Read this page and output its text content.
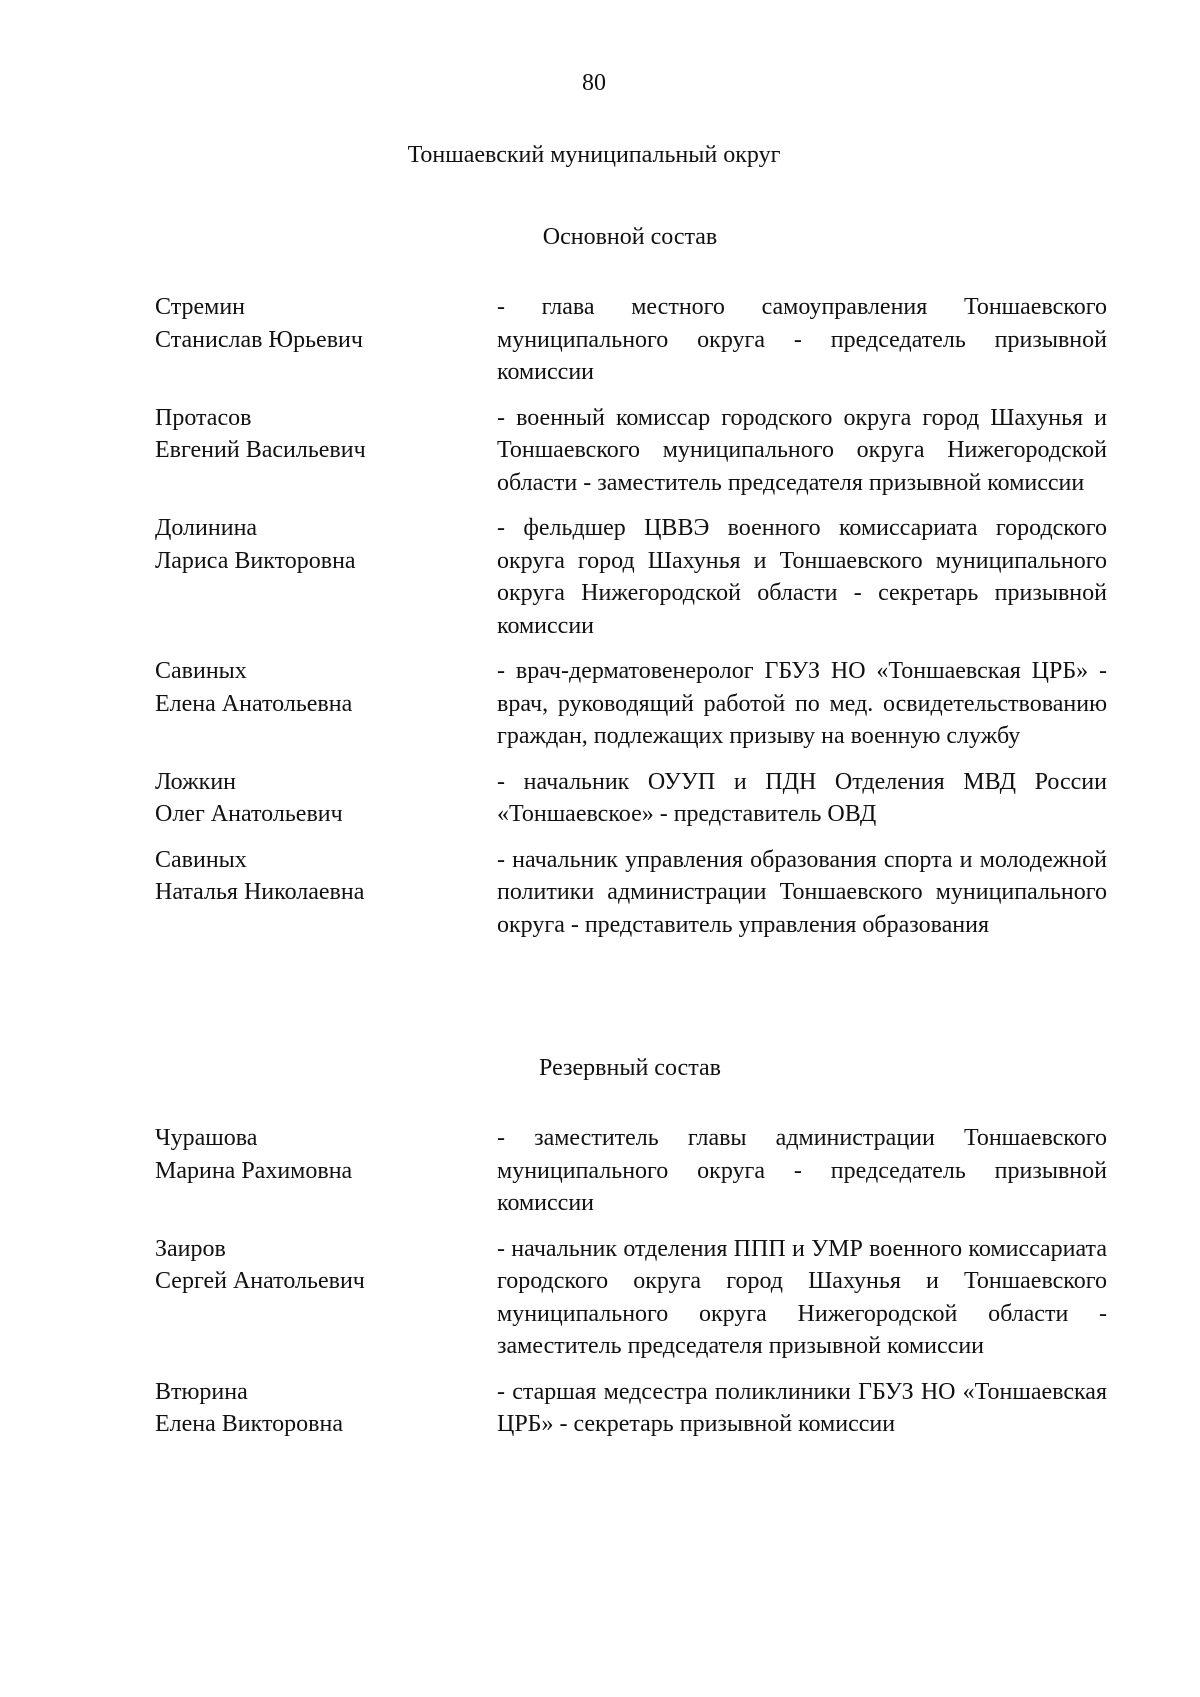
80
Тоншаевский муниципальный округ
Основной состав
Стремин
Станислав Юрьевич
- глава местного самоуправления Тоншаевского муниципального округа - председатель призывной комиссии
Протасов
Евгений Васильевич
- военный комиссар городского округа город Шахунья и Тоншаевского муниципального округа Нижегородской области - заместитель председателя призывной комиссии
Долинина
Лариса Викторовна
- фельдшер ЦВВЭ военного комиссариата городского округа город Шахунья и Тоншаевского муниципального округа Нижегородской области - секретарь призывной комиссии
Савиных
Елена Анатольевна
- врач-дерматовенеролог ГБУЗ НО «Тоншаевская ЦРБ» - врач, руководящий работой по мед. освидетельствованию граждан, подлежащих призыву на военную службу
Ложкин
Олег Анатольевич
- начальник ОУУП и ПДН Отделения МВД России «Тоншаевское» - представитель ОВД
Савиных
Наталья Николаевна
- начальник управления образования спорта и молодежной политики администрации Тоншаевского муниципального округа - представитель управления образования
Резервный состав
Чурашова
Марина Рахимовна
- заместитель главы администрации Тоншаевского муниципального округа - председатель призывной комиссии
Заиров
Сергей Анатольевич
- начальник отделения ППП и УМР военного комиссариата городского округа город Шахунья и Тоншаевского муниципального округа Нижегородской области - заместитель председателя призывной комиссии
Втюрина
Елена Викторовна
- старшая медсестра поликлиники ГБУЗ НО «Тоншаевская ЦРБ» - секретарь призывной комиссии
